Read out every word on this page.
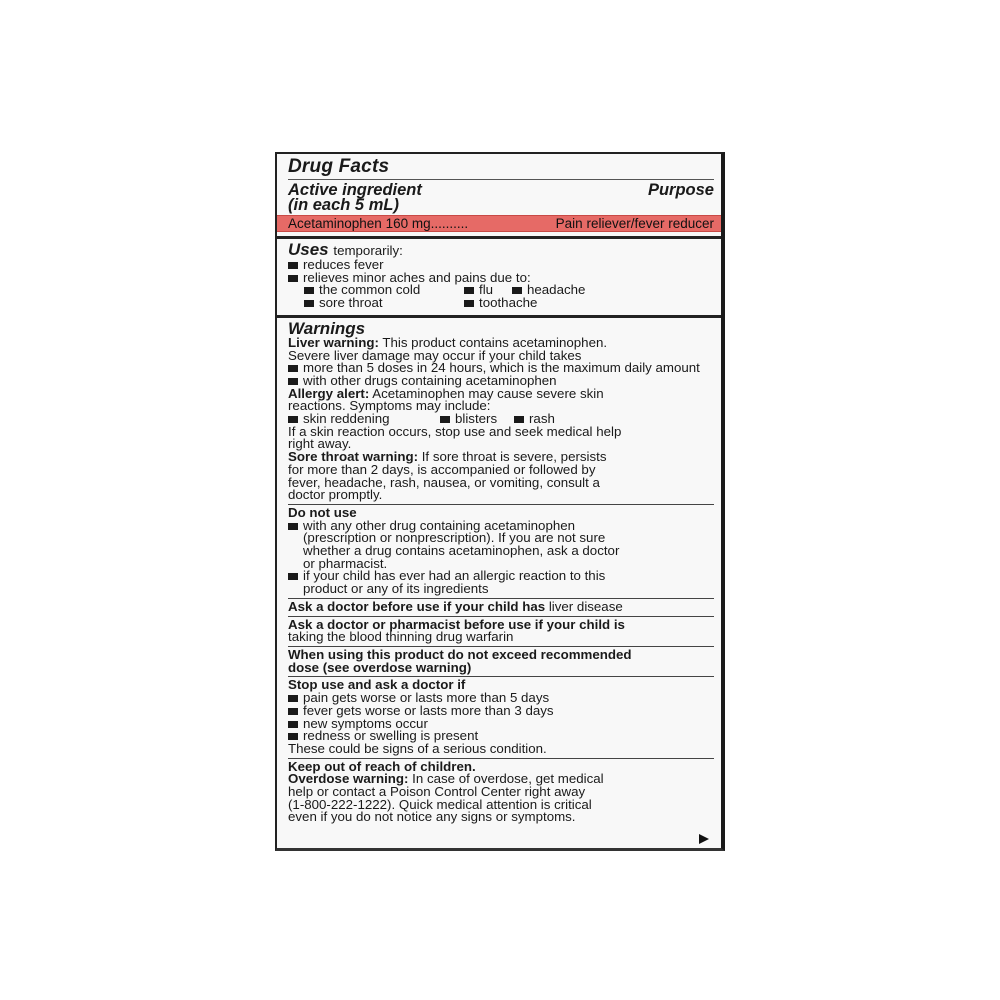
Drug Facts
Active ingredient
(in each 5 mL)
Purpose
Acetaminophen 160 mg..........	Pain reliever/fever reducer
Uses temporarily:
reduces fever
relieves minor aches and pains due to:
the common cold	flu	headache
sore throat	toothache
Warnings
Liver warning: This product contains acetaminophen.
Severe liver damage may occur if your child takes
more than 5 doses in 24 hours, which is the maximum daily amount
with other drugs containing acetaminophen
Allergy alert: Acetaminophen may cause severe skin
reactions. Symptoms may include:
skin reddening	blisters rash
If a skin reaction occurs, stop use and seek medical help
right away.
Sore throat warning: If sore throat is severe, persists
for more than 2 days, is accompanied or followed by
fever, headache, rash, nausea, or vomiting, consult a
doctor promptly.
Do not use
with any other drug containing acetaminophen
(prescription or nonprescription). If you are not sure
whether a drug contains acetaminophen, ask a doctor
or pharmacist.
if your child has ever had an allergic reaction to this
product or any of its ingredients
Ask a doctor before use if your child has liver disease
Ask a doctor or pharmacist before use if your child is
taking the blood thinning drug warfarin
When using this product do not exceed recommended
dose (see overdose warning)
Stop use and ask a doctor if
pain gets worse or lasts more than 5 days
fever gets worse or lasts more than 3 days
new symptoms occur
redness or swelling is present
These could be signs of a serious condition.
Keep out of reach of children.
Overdose warning: In case of overdose, get medical
help or contact a Poison Control Center right away
(1-800-222-1222). Quick medical attention is critical
even if you do not notice any signs or symptoms.
